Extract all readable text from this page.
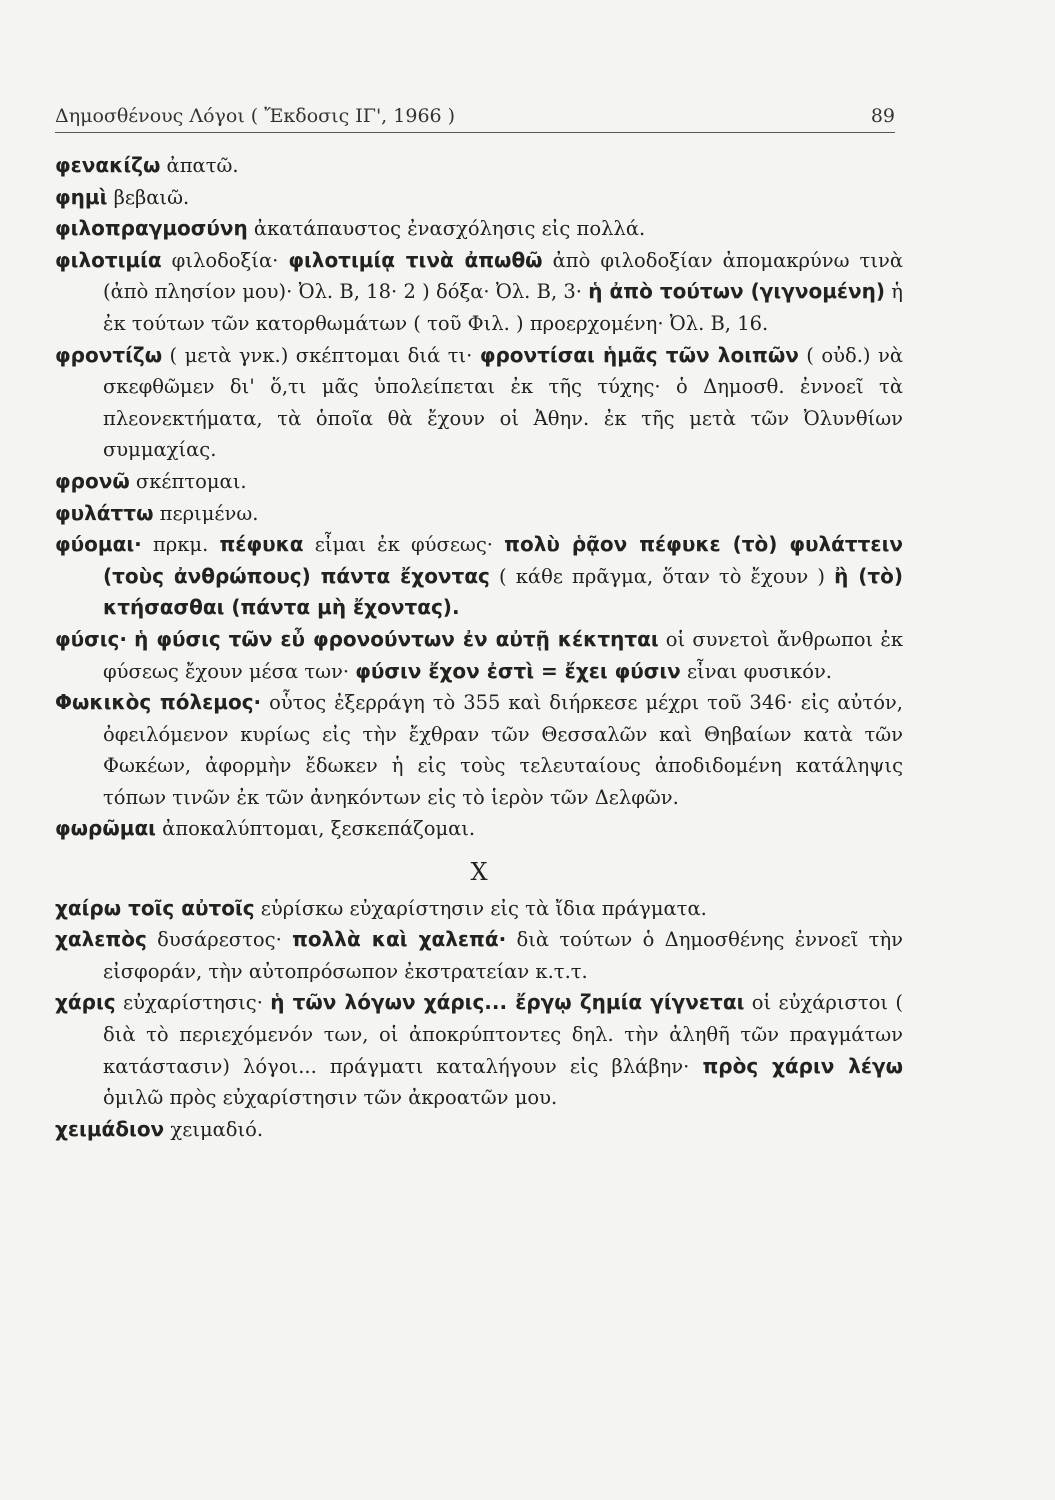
Δημοσθένους Λόγοι ( Ἔκδοσις ΙΓ', 1966 )	89

φενακίζω ἀπατῶ.

φημὶ βεβαιῶ.

φιλοπραγμοσύνη ἀκατάπαυστος ἐνασχόλησις εἰς πολλά.

φιλοτιμία φιλοδοξία· φιλοτιμίᾳ τινὰ ἀπωθῶ ἀπὸ φιλοδοξίαν ἀπομακρύνω τινὰ (ἀπὸ πλησίον μου)· Ὀλ. Β, 18· 2 ) δόξα· Ὀλ. Β, 3· ἡ ἀπὸ τούτων (γιγνομένη) ἡ ἐκ τούτων τῶν κατορθωμάτων ( τοῦ Φιλ. ) προερχομένη· Ὀλ. Β, 16.

φροντίζω ( μετὰ γνκ.) σκέπτομαι διά τι· φροντίσαι ἡμᾶς τῶν λοιπῶν ( οὐδ.) νὰ σκεφθῶμεν δι' ὅ,τι μᾶς ὑπολείπεται ἐκ τῆς τύχης· ὁ Δημοσθ. ἐννοεῖ τὰ πλεονεκτήματα, τὰ ὁποῖα θὰ ἔχουν οἱ Ἀθην. ἐκ τῆς μετὰ τῶν Ὀλυνθίων συμμαχίας.

φρονῶ σκέπτομαι.

φυλάττω περιμένω.

φύομαι· πρκμ. πέφυκα εἶμαι ἐκ φύσεως· πολὺ ῥᾷον πέφυκε (τὸ) φυλάττειν (τοὺς ἀνθρώπους) πάντα ἔχοντας ( κάθε πρᾶγμα, ὅταν τὸ ἔχουν ) ἢ (τὸ) κτήσασθαι (πάντα μὴ ἔχοντας).

φύσις· ἡ φύσις τῶν εὖ φρονούντων ἐν αὐτῇ κέκτηται οἱ συνετοὶ ἄνθρωποι ἐκ φύσεως ἔχουν μέσα των· φύσιν ἔχον ἐστὶ = ἔχει φύσιν εἶναι φυσικόν.

Φωκικὸς πόλεμος· οὗτος ἐξερράγη τὸ 355 καὶ διήρκεσε μέχρι τοῦ 346· εἰς αὐτόν, ὀφειλόμενον κυρίως εἰς τὴν ἔχθραν τῶν Θεσσαλῶν καὶ Θηβαίων κατὰ τῶν Φωκέων, ἀφορμὴν ἔδωκεν ἡ εἰς τοὺς τελευταίους ἀποδιδομένη κατάληψις τόπων τινῶν ἐκ τῶν ἀνηκόντων εἰς τὸ ἱερὸν τῶν Δελφῶν.

φωρῶμαι ἀποκαλύπτομαι, ξεσκεπάζομαι.

X

χαίρω τοῖς αὐτοῖς εὑρίσκω εὐχαρίστησιν εἰς τὰ ἴδια πράγματα.

χαλεπὸς δυσάρεστος· πολλὰ καὶ χαλεπά· διὰ τούτων ὁ Δημοσθένης ἐννοεῖ τὴν εἰσφοράν, τὴν αὐτοπρόσωπον ἐκστρατείαν κ.τ.τ.

χάρις εὐχαρίστησις· ἡ τῶν λόγων χάρις... ἔργῳ ζημία γίγνεται οἱ εὐχάριστοι ( διὰ τὸ περιεχόμενόν των, οἱ ἀποκρύπτοντες δηλ. τὴν ἀληθῆ τῶν πραγμάτων κατάστασιν) λόγοι... πράγματι καταλήγουν εἰς βλάβην· πρὸς χάριν λέγω ὁμιλῶ πρὸς εὐχαρίστησιν τῶν ἀκροατῶν μου.

χειμάδιον χειμαδιό.
